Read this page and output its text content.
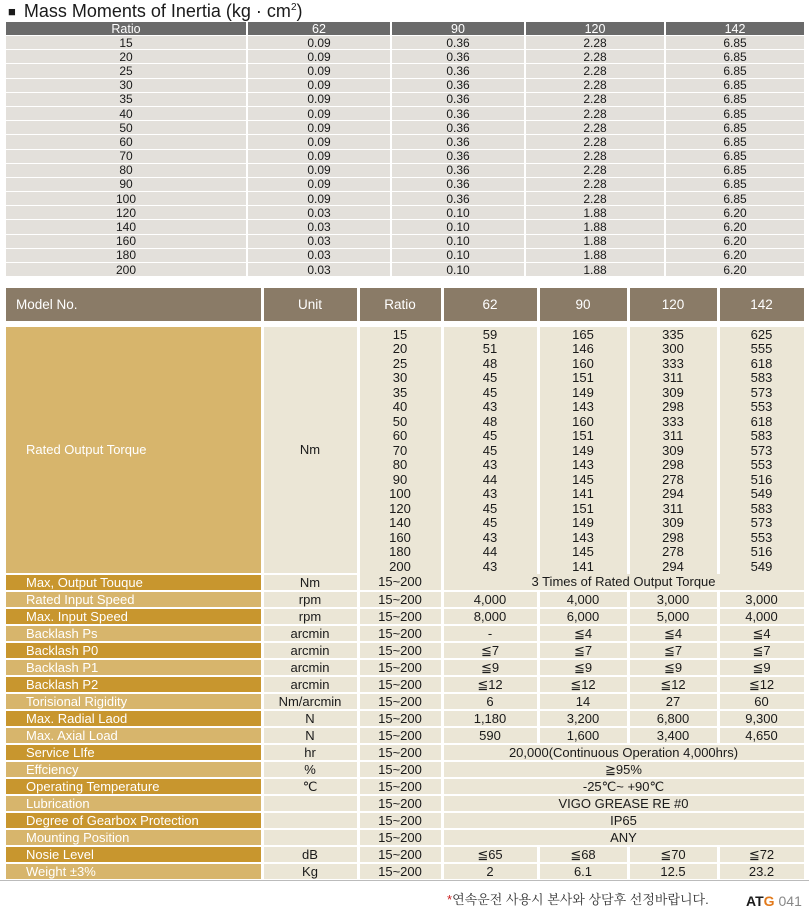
■ Mass Moments of Inertia $(kg \cdot cm^2)$
Ratio	62	90	120	142
15	0.09	0.36	2.28	6.85
20	0.09	0.36	2.28	6.85
25	0.09	0.36	2.28	6.85
30	0.09	0.36	2.28	6.85
35	0.09	0.36	2.28	6.85
40	0.09	0.36	2.28	6.85
50	0.09	0.36	2.28	6.85
60	0.09	0.36	2.28	6.85
70	0.09	0.36	2.28	6.85
80	0.09	0.36	2.28	6.85
90	0.09	0.36	2.28	6.85
100	0.09	0.36	2.28	6.85
120	0.03	0.10	1.88	6.20
140	0.03	0.10	1.88	6.20
160	0.03	0.10	1.88	6.20
180	0.03	0.10	1.88	6.20
200	0.03	0.10	1.88	6.20
Model No.	Unit	Ratio	62	90	120	142
Rated Output Torque	Nm	15	59	165	335	625
		20	51	146	300	555
		25	48	160	333	618
		30	45	151	311	583
		35	45	149	309	573
		40	43	143	298	553
		50	48	160	333	618
		60	45	151	311	583
		70	45	149	309	573
		80	43	143	298	553
		90	44	145	278	516
		100	43	141	294	549
		120	45	151	311	583
		140	45	149	309	573
		160	43	143	298	553
		180	44	145	278	516
		200	43	141	294	549
Max, Output Touque	Nm	15~200	3 Times of Rated Output Torque			
Rated Input Speed	rpm	15~200	4,000	4,000	3,000	3,000
Max. Input Speed	rpm	15~200	8,000	6,000	5,000	4,000
Backlash Ps	arcmin	15~200	-	≦4	≦4	≦4
Backlash P0	arcmin	15~200	≦7	≦7	≦7	≦7
Backlash P1	arcmin	15~200	≦9	≦9	≦9	≦9
Backlash P2	arcmin	15~200	≦12	≦12	≦12	≦12
Torisional Rigidity	Nm/arcmin	15~200	6	14	27	60
Max. Radial Laod	N	15~200	1,180	3,200	6,800	9,300
Max. Axial Load	N	15~200	590	1,600	3,400	4,650
Service LIfe	hr	15~200	20,000(Continuous Operation 4,000hrs)			
Effciency	%	15~200	≧95%			
Operating Temperature	℃	15~200	-25℃~ +90℃			
Lubrication		15~200	VIGO GREASE RE #0			
Degree of Gearbox Protection		15~200	IP65			
Mounting Position		15~200	ANY			
Nosie Level	dB	15~200	≦65	≦68	≦70	≦72
Weight ±3%	Kg	15~200	2	6.1	12.5	23.2
*연속운전 사용시 본사와 상담후 선정바랍니다.	ATG 041
